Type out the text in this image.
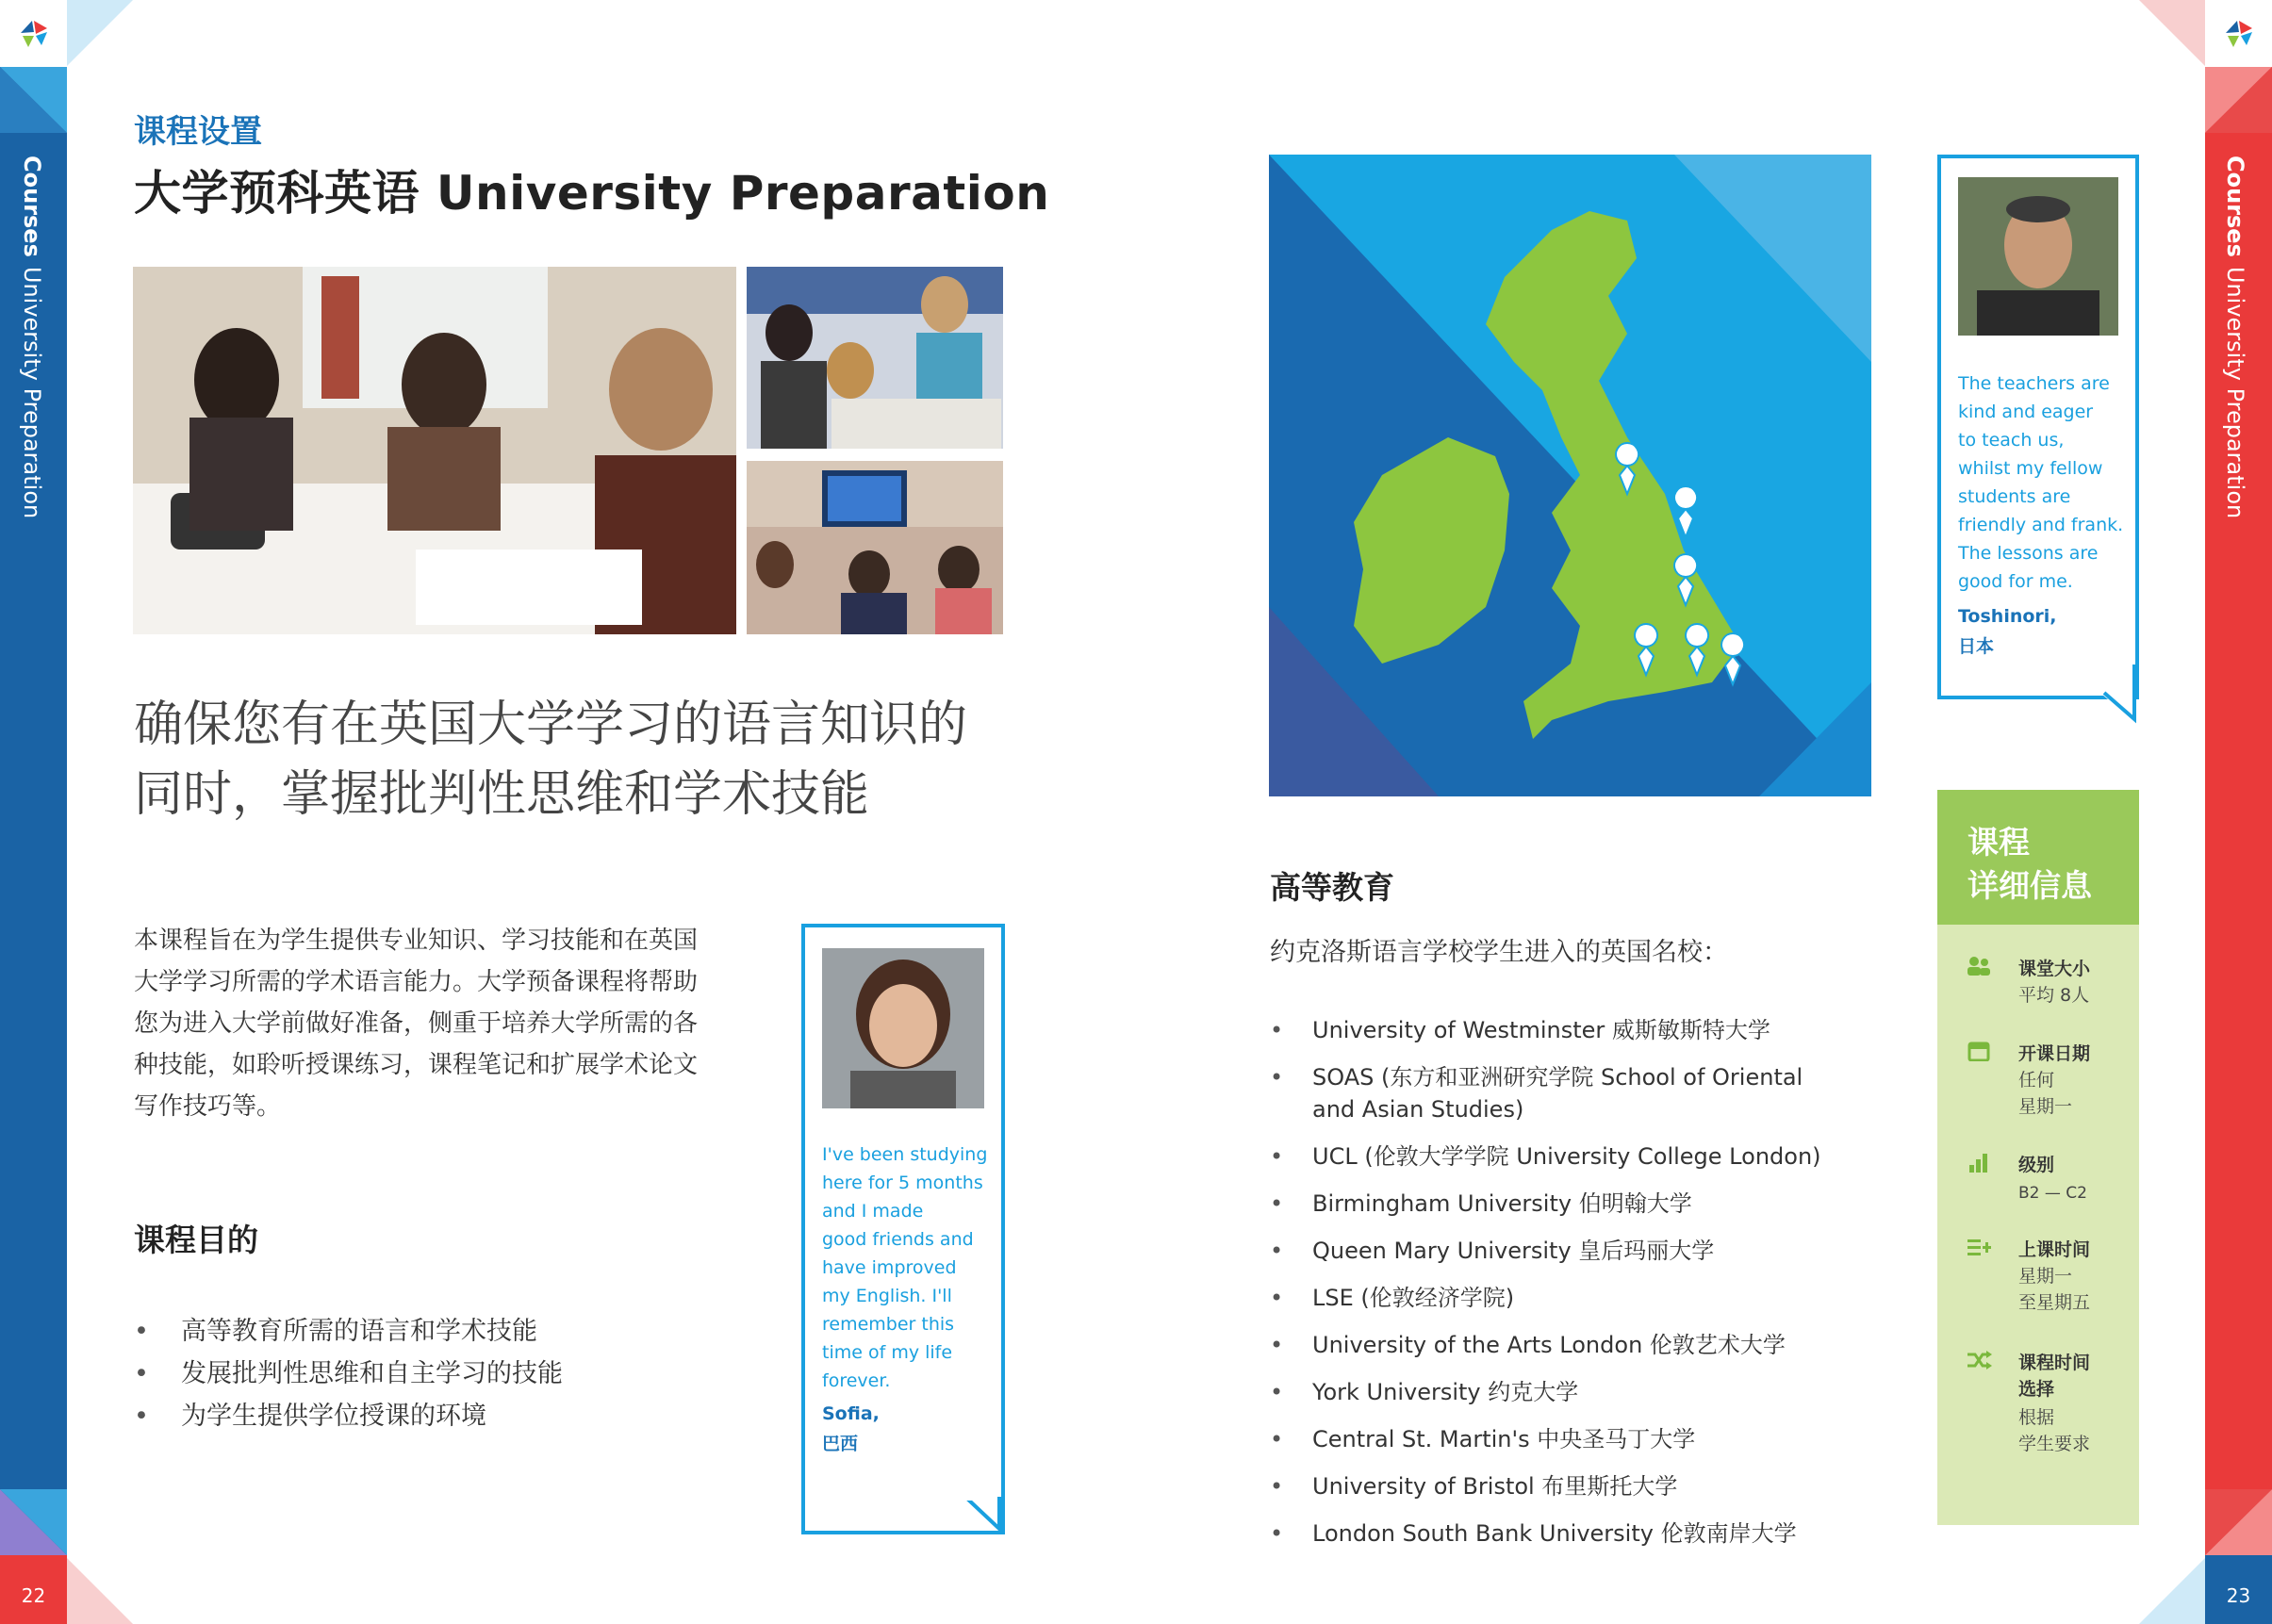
CoursesUniversity Preparation
22
CoursesUniversity Preparation
23
课程设置
大学预科英语 University Preparation
确保您有在英国大学学习的语言知识的
同时，掌握批判性思维和学术技能
本课程旨在为学生提供专业知识、学习技能和在英国
大学学习所需的学术语言能力。大学预备课程将帮助
您为进入大学前做好准备，侧重于培养大学所需的各
种技能，如聆听授课练习，课程笔记和扩展学术论文
写作技巧等。
课程目的
• 高等教育所需的语言和学术技能
• 发展批判性思维和自主学习的技能
• 为学生提供学位授课的环境
I've been studying
here for 5 months
and I made
good friends and
have improved
my English. I'll
remember this
time of my life
forever.
Sofia,
巴西
The teachers are
kind and eager
to teach us,
whilst my fellow
students are
friendly and frank.
The lessons are
good for me.
Toshinori,
日本
高等教育
约克洛斯语言学校学生进入的英国名校：
• University of Westminster 威斯敏斯特大学
• SOAS (东方和亚洲研究学院 School of Oriental
and Asian Studies)
• UCL (伦敦大学学院 University College London)
• Birmingham University 伯明翰大学
• Queen Mary University 皇后玛丽大学
• LSE (伦敦经济学院)
• University of the Arts London 伦敦艺术大学
• York University 约克大学
• Central St. Martin's 中央圣马丁大学
• University of Bristol 布里斯托大学
• London South Bank University 伦敦南岸大学
课程
详细信息
课堂大小
平均 8人
开课日期
任何
星期一
级别
B2 — C2
上课时间
星期一
至星期五
课程时间
选择
根据
学生要求
